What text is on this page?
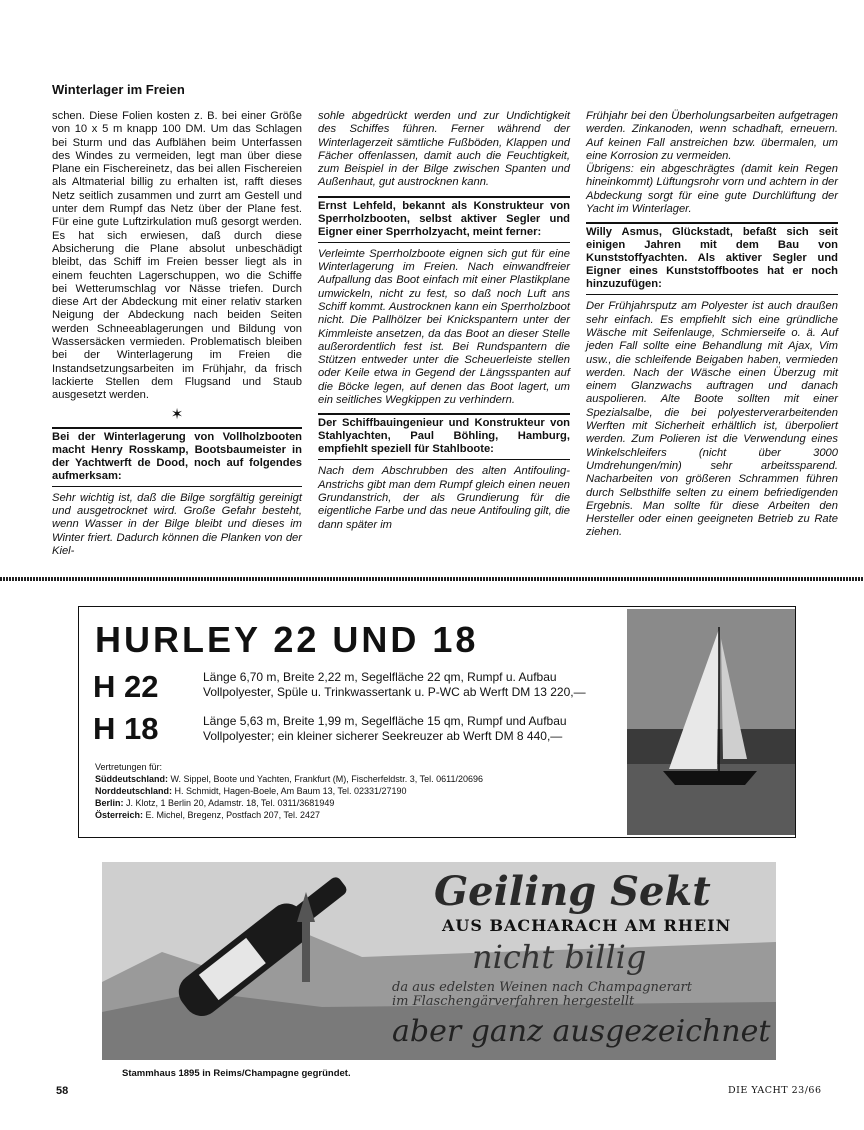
Winterlager im Freien

schen. Diese Folien kosten z. B. bei einer Größe von 10 x 5 m knapp 100 DM. Um das Schlagen bei Sturm und das Aufblähen beim Unterfassen des Windes zu vermeiden, legt man über diese Plane ein Fischereinetz, das bei allen Fischereien als Altmaterial billig zu erhalten ist, rafft dieses Netz seitlich zusammen und zurrt am Gestell und unter dem Rumpf das Netz über der Plane fest. Für eine gute Luftzirkulation muß gesorgt werden. Es hat sich erwiesen, daß durch diese Absicherung die Plane absolut unbeschädigt bleibt, das Schiff im Freien besser liegt als in einem feuchten Lagerschuppen, wo die Schiffe bei Wetterumschlag vor Nässe triefen. Durch diese Art der Abdeckung mit einer relativ starken Neigung der Abdeckung nach beiden Seiten werden Schneeablagerungen und Bildung von Wassersäcken vermieden. Problematisch bleiben bei der Winterlagerung im Freien die Instandsetzungsarbeiten im Frühjahr, da frisch lackierte Stellen dem Flugsand und Staub ausgesetzt werden.

✶
Bei der Winterlagerung von Vollholzbooten macht Henry Rosskamp, Bootsbaumeister in der Yachtwerft de Dood, noch auf folgendes aufmerksam:

Sehr wichtig ist, daß die Bilge sorgfältig gereinigt und ausgetrocknet wird. Große Gefahr besteht, wenn Wasser in der Bilge bleibt und dieses im Winter friert. Dadurch können die Planken von der Kiel-

sohle abgedrückt werden und zur Undichtigkeit des Schiffes führen. Ferner während der Winterlagerzeit sämtliche Fußböden, Klappen und Fächer offenlassen, damit auch die Feuchtigkeit, zum Beispiel in der Bilge zwischen Spanten und Außenhaut, gut austrocknen kann.

Ernst Lehfeld, bekannt als Konstrukteur von Sperrholzbooten, selbst aktiver Segler und Eigner einer Sperrholzyacht, meint ferner:

Verleimte Sperrholzboote eignen sich gut für eine Winterlagerung im Freien. Nach einwandfreier Aufpallung das Boot einfach mit einer Plastikplane umwickeln, nicht zu fest, so daß noch Luft ans Schiff kommt. Austrocknen kann ein Sperrholzboot nicht. Die Pallhölzer bei Knickspantern unter der Kimmleiste ansetzen, da das Boot an dieser Stelle außerordentlich fest ist. Bei Rundspantern die Stützen entweder unter die Scheuerleiste stellen oder Keile etwa in Gegend der Längsspanten auf die Böcke legen, auf denen das Boot lagert, um ein seitliches Wegkippen zu verhindern.

Der Schiffbauingenieur und Konstrukteur von Stahlyachten, Paul Böhling, Hamburg, empfiehlt speziell für Stahlboote:

Nach dem Abschrubben des alten Antifouling-Anstrichs gibt man dem Rumpf gleich einen neuen Grundanstrich, der als Grundierung für die eigentliche Farbe und das neue Antifouling gilt, die dann später im

Frühjahr bei den Überholungsarbeiten aufgetragen werden. Zinkanoden, wenn schadhaft, erneuern. Auf keinen Fall anstreichen bzw. übermalen, um eine Korrosion zu vermeiden.

Übrigens: ein abgeschrägtes (damit kein Regen hineinkommt) Lüftungsrohr vorn und achtern in der Abdeckung sorgt für eine gute Durchlüftung der Yacht im Winterlager.

Willy Asmus, Glückstadt, befaßt sich seit einigen Jahren mit dem Bau von Kunststoffyachten. Als aktiver Segler und Eigner eines Kunststoffbootes hat er noch hinzuzufügen:

Der Frühjahrsputz am Polyester ist auch draußen sehr einfach. Es empfiehlt sich eine gründliche Wäsche mit Seifenlauge, Schmierseife o. ä. Auf jeden Fall sollte eine Behandlung mit Ajax, Vim usw., die schleifende Beigaben haben, vermieden werden. Nach der Wäsche einen Überzug mit einem Glanzwachs auftragen und danach auspolieren. Alte Boote sollten mit einer Spezialsalbe, die bei polyesterverarbeitenden Werften mit Sicherheit erhältlich ist, überpoliert werden. Zum Polieren ist die Verwendung eines Winkelschleifers (nicht über 3000 Umdrehungen/min) sehr arbeitssparend. Nacharbeiten von größeren Schrammen führen durch Selbsthilfe selten zu einem befriedigenden Ergebnis. Man sollte für diese Arbeiten den Hersteller oder einen geeigneten Betrieb zu Rate ziehen.

HURLEY 22 UND 18
H 22	Länge 6,70 m, Breite 2,22 m, Segelfläche 22 qm, Rumpf u. Aufbau Vollpolyester, Spüle u. Trinkwassertank u. P-WC ab Werft DM 13 220,—
H 18	Länge 5,63 m, Breite 1,99 m, Segelfläche 15 qm, Rumpf und Aufbau Vollpolyester; ein kleiner sicherer Seekreuzer ab Werft DM 8 440,—
Vertretungen für:
Süddeutschland: W. Sippel, Boote und Yachten, Frankfurt (M), Fischerfeldstr. 3, Tel. 0611/20696
Norddeutschland: H. Schmidt, Hagen-Boele, Am Baum 13, Tel. 02331/27190
Berlin: J. Klotz, 1 Berlin 20, Adamstr. 18, Tel. 0311/3681949
Österreich: E. Michel, Bregenz, Postfach 207, Tel. 2427
Geiling Sekt
AUS BACHARACH AM RHEIN
nicht billig
da aus edelsten Weinen nach Champagnerart
im Flaschengärverfahren hergestellt
aber ganz ausgezeichnet
Stammhaus 1895 in Reims/Champagne gegründet.
58	DIE YACHT 23/66
